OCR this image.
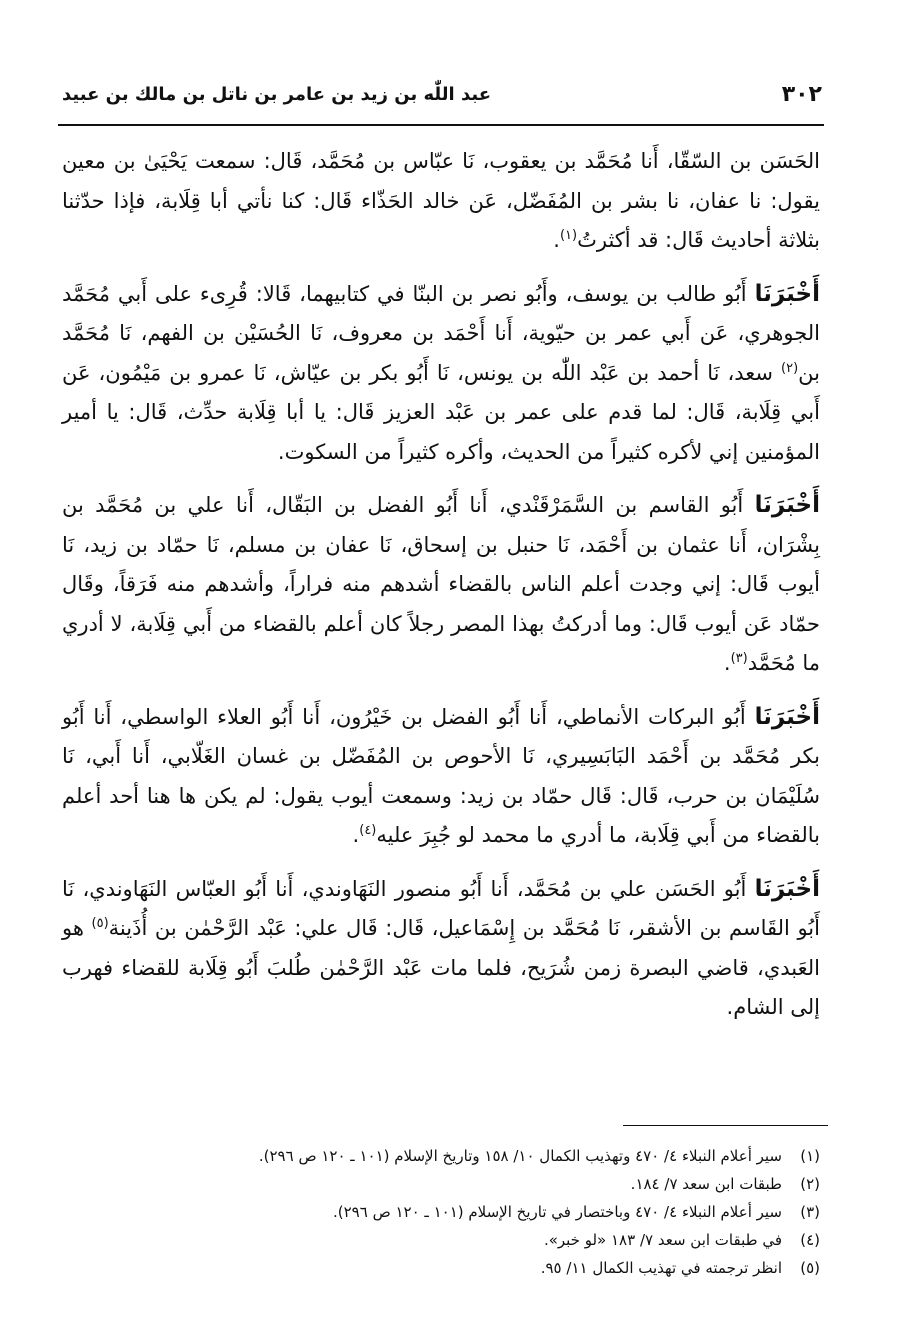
٣٠٢
عبد اللّٰه بن زيد بن عامر بن ناتل بن مالك بن عبيد

الحَسَن بن السّقّا، أَنا مُحَمَّد بن يعقوب، نَا عبّاس بن مُحَمَّد، قَال: سمعت يَحْيَىٰ بن معين يقول: نا عفان، نا بشر بن المُفَضّل، عَن خالد الحَذّاء قَال: كنا نأتي أبا قِلَابة، فإذا حدّثنا بثلاثة أحاديث قَال: قد أكثرتُ$^{(١)}$.

أَخْبَرَنَا أَبُو طالب بن يوسف، وأَبُو نصر بن البنّا في كتابيهما، قَالا: قُرِىء على أَبي مُحَمَّد الجوهري، عَن أَبي عمر بن حيّوية، أَنا أَحْمَد بن معروف، نَا الحُسَيْن بن الفهم، نَا مُحَمَّد بن$^{(٢)}$ سعد، نَا أحمد بن عَبْد اللّٰه بن يونس، نَا أَبُو بكر بن عيّاش، نَا عمرو بن مَيْمُون، عَن أَبي قِلَابة، قَال: لما قدم على عمر بن عَبْد العزيز قَال: يا أبا قِلَابة حدِّث، قَال: يا أمير المؤمنين إني لأكره كثيراً من الحديث، وأكره كثيراً من السكوت.

أَخْبَرَنَا أَبُو القاسم بن السَّمَرْقَنْدي، أَنا أَبُو الفضل بن البَقّال، أَنا علي بن مُحَمَّد بن بِشْرَان، أَنا عثمان بن أَحْمَد، نَا حنبل بن إسحاق، نَا عفان بن مسلم، نَا حمّاد بن زيد، نَا أيوب قَال: إني وجدت أعلم الناس بالقضاء أشدهم منه فراراً، وأشدهم منه فَرَقاً، وقَال حمّاد عَن أيوب قَال: وما أدركتُ بهذا المصر رجلاً كان أعلم بالقضاء من أَبي قِلَابة، لا أدري ما مُحَمَّد$^{(٣)}$.

أَخْبَرَنَا أَبُو البركات الأنماطي، أَنا أَبُو الفضل بن خَيْرُون، أَنا أَبُو العلاء الواسطي، أَنا أَبُو بكر مُحَمَّد بن أَحْمَد البَابَسِيري، نَا الأحوص بن المُفَضّل بن غسان الغَلّابي، أَنا أَبي، نَا سُلَيْمَان بن حرب، قَال: قَال حمّاد بن زيد: وسمعت أيوب يقول: لم يكن ها هنا أحد أعلم بالقضاء من أَبي قِلَابة، ما أدري ما محمد لو جُبِرَ عليه$^{(٤)}$.

أَخْبَرَنَا أَبُو الحَسَن علي بن مُحَمَّد، أَنا أَبُو منصور النَهَاوندي، أَنا أَبُو العبّاس النَهَاوندي، نَا أَبُو القَاسم بن الأشقر، نَا مُحَمَّد بن إِسْمَاعيل، قَال: قَال علي: عَبْد الرَّحْمٰن بن أُذَينة$^{(٥)}$ هو العَبدي، قاضي البصرة زمن شُرَيح، فلما مات عَبْد الرَّحْمٰن طُلبَ أَبُو قِلَابة للقضاء فهرب إلى الشام.

(١)
سير أعلام النبلاء ٤/ ٤٧٠ وتهذيب الكمال ١٠/ ١٥٨ وتاريخ الإسلام (١٠١ ـ ١٢٠ ص ٢٩٦).
(٢)
طبقات ابن سعد ٧/ ١٨٤.
(٣)
سير أعلام النبلاء ٤/ ٤٧٠ وباختصار في تاريخ الإسلام (١٠١ ـ ١٢٠ ص ٢٩٦).
(٤)
في طبقات ابن سعد ٧/ ١٨٣ «لو خبر».
(٥)
انظر ترجمته في تهذيب الكمال ١١/ ٩٥.
